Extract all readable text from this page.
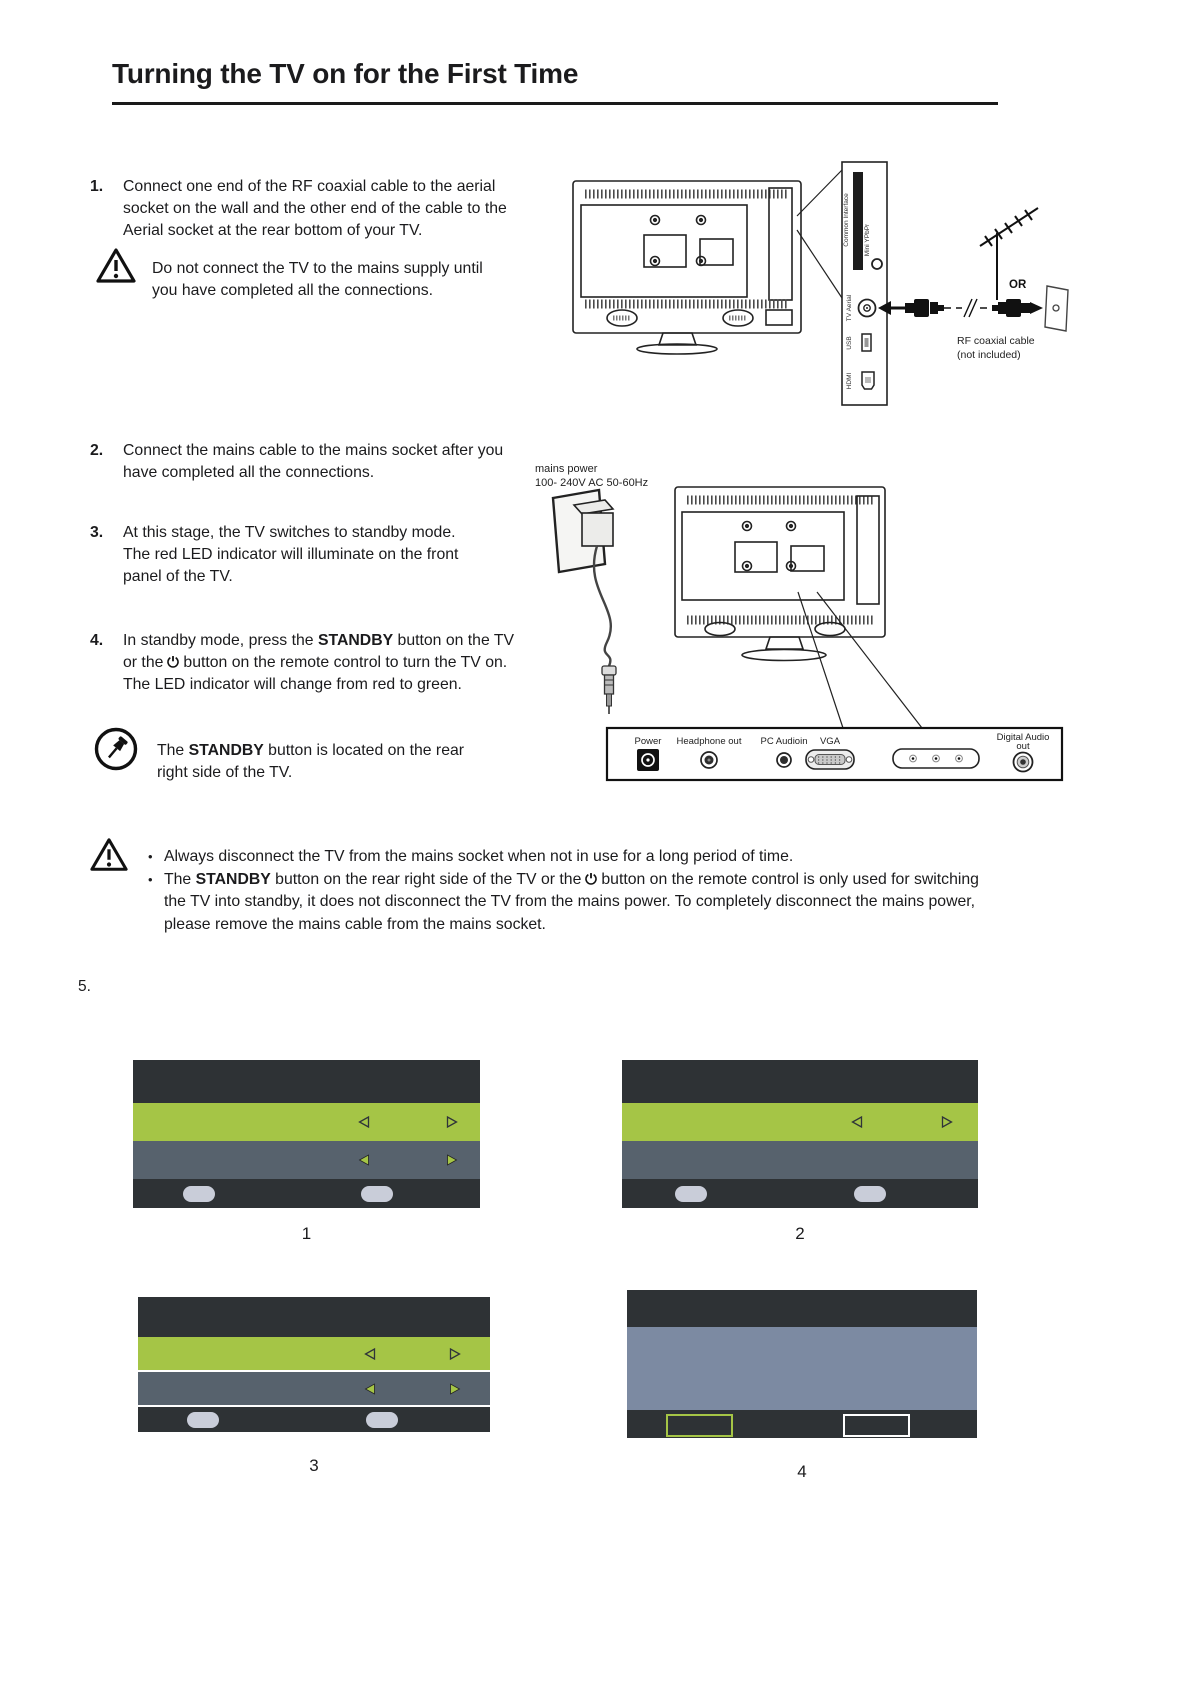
Turning the TV on for the First Time
1. Connect one end of the RF coaxial cable to the aerial socket on the wall and the other end of the cable to the Aerial socket at the rear bottom of your TV.
Do not connect the TV to the mains supply until you have completed all the connections.
Common Interface Mini YPbPr
TV Aerial
USB
HDMI
OR
RF coaxial cable
(not included)
2. Connect the mains cable to the mains socket after you have completed all the connections.
3. At this stage, the TV switches to standby mode. The red LED indicator will illuminate on the front panel of the TV.
4. In standby mode, press the STANDBY button on the TV or the button on the remote control to turn the TV on. The LED indicator will change from red to green.
The STANDBY button is located on the rear right side of the TV.
mains power
100- 240V AC 50-60Hz
Power Headphone out PC Audioin VGA	Digital Audio
out
• Always disconnect the TV from the mains socket when not in use for a long period of time.
• The STANDBY button on the rear right side of the TV or the button on the remote control is only used for switching the TV into standby, it does not disconnect the TV from the mains power. To completely disconnect the mains power, please remove the mains cable from the mains socket.
5.
1	2
3	4
